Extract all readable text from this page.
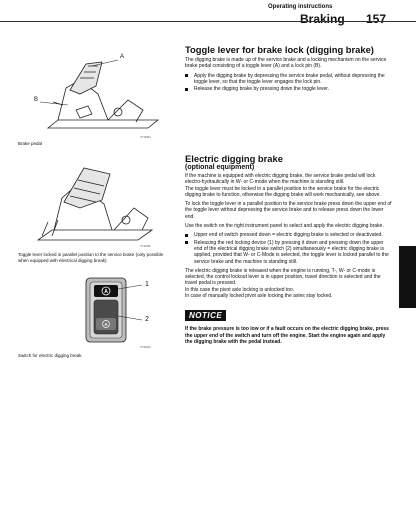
Operating instructions
Braking 157
A
B
VT10454
Brake pedal
VT10455
Toggle lever locked in parallel position to the service brake (only possible when equipped with electrical digging break)
A
A
1
2
VT14620
Switch for electric digging break

Toggle lever for brake lock (digging brake)

The digging brake is made up of the service brake and a locking mechanism on the service brake pedal consisting of a toggle lever (A) and a lock pin (B).

Apply the digging brake by depressing the service brake pedal, without depressing the toggle lever, so that the toggle lever engages the lock pin.
Release the digging brake by pressing down the toggle lever.

Electric digging brake

(optional equipment)

If the machine is equipped with electric digging brake, the service brake pedal will lock electro-hydraulically in W- or C-mode when the machine is standing still.

The toggle lever must be locked in a parallel position to the service brake for the electric digging brake to function, otherwise the digging brake will work mechanically, see above.

To lock the toggle lever in a parallel position to the service brake press down the upper end of the toggle lever without depressing the service brake and to release press down the lower end.

Use the switch on the right instrument panel to select and apply the electric digging brake.

Upper end of switch pressed down = electric digging brake is selected or deactivated.
Releasing the red locking device (1) by pressing it down and pressing down the upper end of the electrical digging brake switch (2) simultaneously = electric digging brake is applied, provided that W- or C-Mode is selected, the toggle lever is locked parallel to the service brake and the machine is standing still.

The electric digging brake is released when the engine is running, T-, W- or C-mode is selected, the control lockout lever is in upper position, travel direction is selected and the travel pedal is pressed.

In this case the pivot axle locking is unlocked too.

In case of manually locked pivot axle locking the axles stay locked.

NOTICE
If the brake pressure is too low or if a fault occurs on the electric digging brake, press the upper end of the switch and turn off the engine. Start the engine again and apply the digging brake with the pedal instead.
